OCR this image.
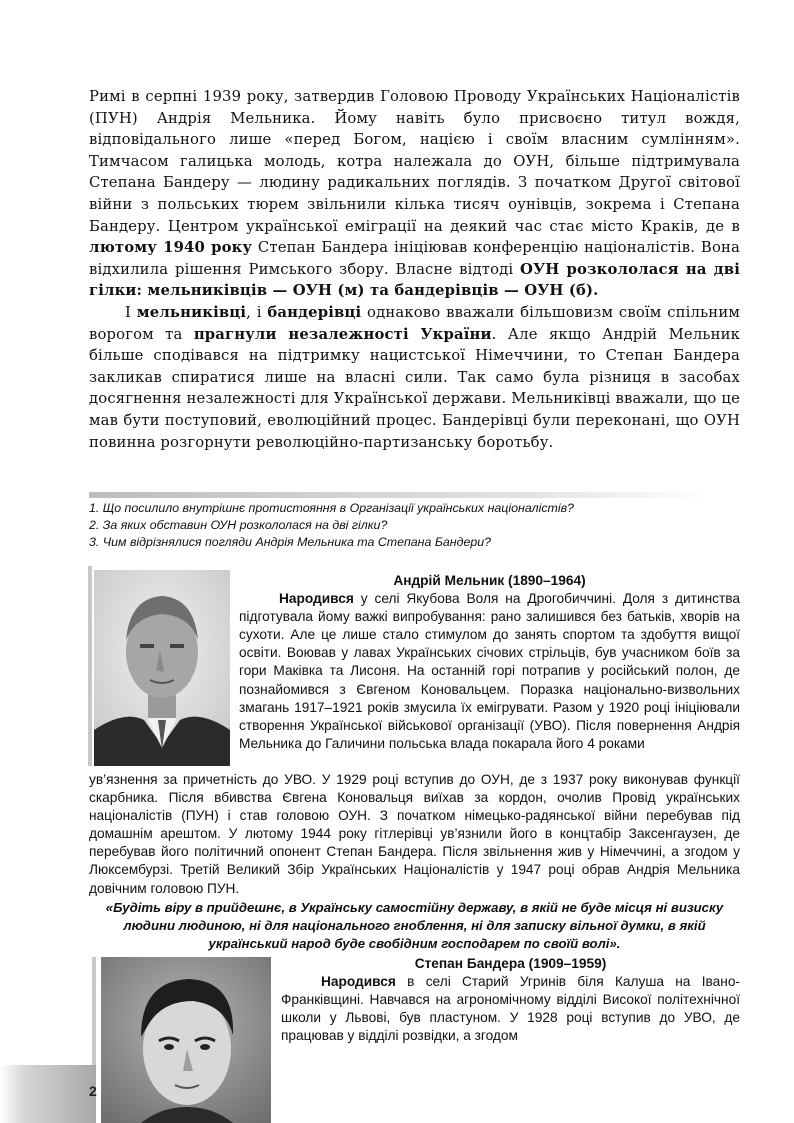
Римі в серпні 1939 року, затвердив Головою Проводу Українських Націоналістів (ПУН) Андрія Мельника. Йому навіть було присвоєно титул вождя, відповідального лише «перед Богом, нацією і своїм власним сумлінням». Тимчасом галицька молодь, котра належала до ОУН, більше підтримувала Степана Бандеру — людину радикальних поглядів. З початком Другої світової війни з польських тюрем звільнили кілька тисяч оунівців, зокрема і Степана Бандеру. Центром української еміграції на деякий час стає місто Краків, де в лютому 1940 року Степан Бандера ініціював конференцію націоналістів. Вона відхилила рішення Римського збору. Власне відтоді ОУН розкололася на дві гілки: мельниківців — ОУН (м) та бандерівців — ОУН (б).

І мельниківці, і бандерівці однаково вважали більшовизм своїм спільним ворогом та прагнули незалежності України. Але якщо Андрій Мельник більше сподівався на підтримку нацистської Німеччини, то Степан Бандера закликав спиратися лише на власні сили. Так само була різниця в засобах досягнення незалежності для Української держави. Мельниківці вважали, що це мав бути поступовий, еволюційний процес. Бандерівці були переконані, що ОУН повинна розгорнути революційно-партизанську боротьбу.

1. Що посилило внутрішнє протистояння в Організації українських націоналістів?
2. За яких обставин ОУН розкололася на дві гілки?
3. Чим відрізнялися погляди Андрія Мельника та Степана Бандери?
Андрій Мельник (1890–1964)
Народився у селі Якубова Воля на Дрогобиччині. Доля з дитинства підготувала йому важкі випробування: рано залишився без батьків, хворів на сухоти. Але це лише стало стимулом до занять спортом та здобуття вищої освіти. Воював у лавах Українських січових стрільців, був учасником боїв за гори Маківка та Лисоня. На останній горі потрапив у російський полон, де познайомився з Євгеном Коновальцем. Поразка національно-визвольних змагань 1917–1921 років змусила їх емігрувати. Разом у 1920 році ініціювали створення Української військової організації (УВО). Після повернення Андрія Мельника до Галичини польська влада покарала його 4 роками
ув’язнення за причетність до УВО. У 1929 році вступив до ОУН, де з 1937 року виконував функції скарбника. Після вбивства Євгена Коновальця виїхав за кордон, очолив Провід українських націоналістів (ПУН) і став головою ОУН. З початком німецько-радянської війни перебував під домашнім арештом. У лютому 1944 року гітлерівці ув’язнили його в концтабір Заксенгаузен, де перебував його політичний опонент Степан Бандера. Після звільнення жив у Німеччині, а згодом у Люксембурзі. Третій Великий Збір Українських Націоналістів у 1947 році обрав Андрія Мельника довічним головою ПУН.
«Будіть віру в прийдешнє, в Українську самостійну державу, в якій не буде місця ні визиску людини людиною, ні для національного гноблення, ні для записку вільної думки, в якій український народ буде свобідним господарем по своїй волі».
Степан Бандера (1909–1959)
Народився в селі Старий Угринів біля Калуша на Івано-Франківщині. Навчався на агрономічному відділі Високої політехнічної школи у Львові, був пластуном. У 1928 році вступив до УВО, де працював у відділі розвідки, а згодом
2
